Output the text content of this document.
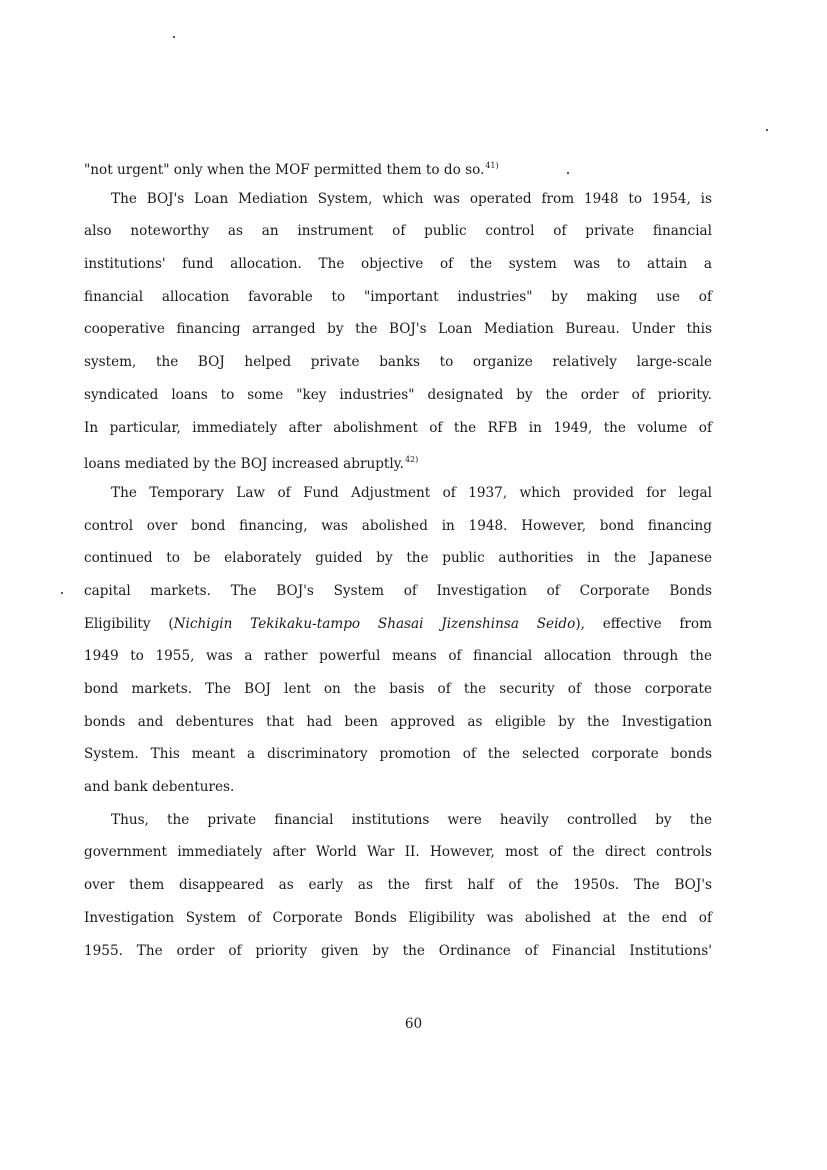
"not urgent" only when the MOF permitted them to do so.$^{41)}$
The BOJ's Loan Mediation System, which was operated from 1948 to 1954, is
also noteworthy as an instrument of public control of private financial
institutions' fund allocation. The objective of the system was to attain a
financial allocation favorable to "important industries" by making use of
cooperative financing arranged by the BOJ's Loan Mediation Bureau. Under this
system, the BOJ helped private banks to organize relatively large-scale
syndicated loans to some "key industries" designated by the order of priority.
In particular, immediately after abolishment of the RFB in 1949, the volume of
loans mediated by the BOJ increased abruptly.$^{42)}$
The Temporary Law of Fund Adjustment of 1937, which provided for legal
control over bond financing, was abolished in 1948. However, bond financing
continued to be elaborately guided by the public authorities in the Japanese
capital markets. The BOJ's System of Investigation of Corporate Bonds
Eligibility (Nichigin Tekikaku-tampo Shasai Jizenshinsa Seido), effective from
1949 to 1955, was a rather powerful means of financial allocation through the
bond markets. The BOJ lent on the basis of the security of those corporate
bonds and debentures that had been approved as eligible by the Investigation
System. This meant a discriminatory promotion of the selected corporate bonds
and bank debentures.
Thus, the private financial institutions were heavily controlled by the
government immediately after World War II. However, most of the direct controls
over them disappeared as early as the first half of the 1950s. The BOJ's
Investigation System of Corporate Bonds Eligibility was abolished at the end of
1955. The order of priority given by the Ordinance of Financial Institutions'
60
